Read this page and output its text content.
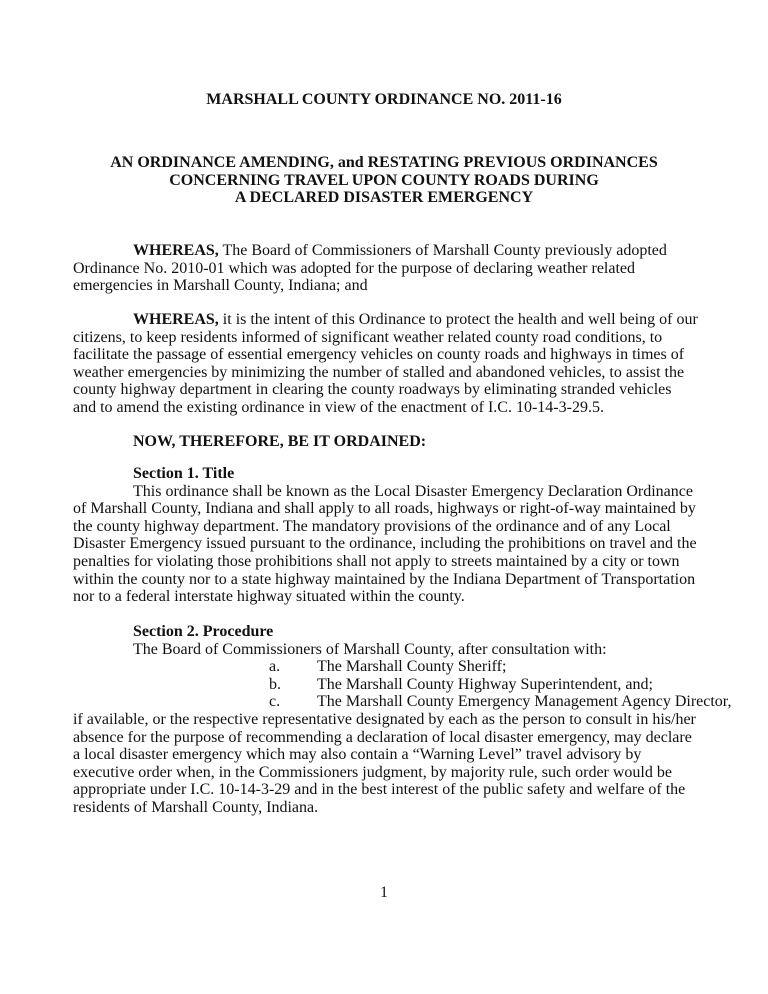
MARSHALL COUNTY ORDINANCE NO. 2011-16
AN ORDINANCE AMENDING, and RESTATING PREVIOUS ORDINANCES
CONCERNING TRAVEL UPON COUNTY ROADS DURING
A DECLARED DISASTER EMERGENCY
WHEREAS, The Board of Commissioners of Marshall County previously adopted
Ordinance No. 2010-01 which was adopted for the purpose of declaring weather related
emergencies in Marshall County, Indiana; and
WHEREAS, it is the intent of this Ordinance to protect the health and well being of our
citizens, to keep residents informed of significant weather related county road conditions, to
facilitate the passage of essential emergency vehicles on county roads and highways in times of
weather emergencies by minimizing the number of stalled and abandoned vehicles, to assist the
county highway department in clearing the county roadways by eliminating stranded vehicles
and to amend the existing ordinance in view of the enactment of I.C. 10-14-3-29.5.
NOW, THEREFORE, BE IT ORDAINED:
Section 1. Title
This ordinance shall be known as the Local Disaster Emergency Declaration Ordinance
of Marshall County, Indiana and shall apply to all roads, highways or right-of-way maintained by
the county highway department. The mandatory provisions of the ordinance and of any Local
Disaster Emergency issued pursuant to the ordinance, including the prohibitions on travel and the
penalties for violating those prohibitions shall not apply to streets maintained by a city or town
within the county nor to a state highway maintained by the Indiana Department of Transportation
nor to a federal interstate highway situated within the county.
Section 2. Procedure
The Board of Commissioners of Marshall County, after consultation with:
a. The Marshall County Sheriff;
b. The Marshall County Highway Superintendent, and;
c. The Marshall County Emergency Management Agency Director,
if available, or the respective representative designated by each as the person to consult in his/her
absence for the purpose of recommending a declaration of local disaster emergency, may declare
a local disaster emergency which may also contain a “Warning Level” travel advisory by
executive order when, in the Commissioners judgment, by majority rule, such order would be
appropriate under I.C. 10-14-3-29 and in the best interest of the public safety and welfare of the
residents of Marshall County, Indiana.
1
